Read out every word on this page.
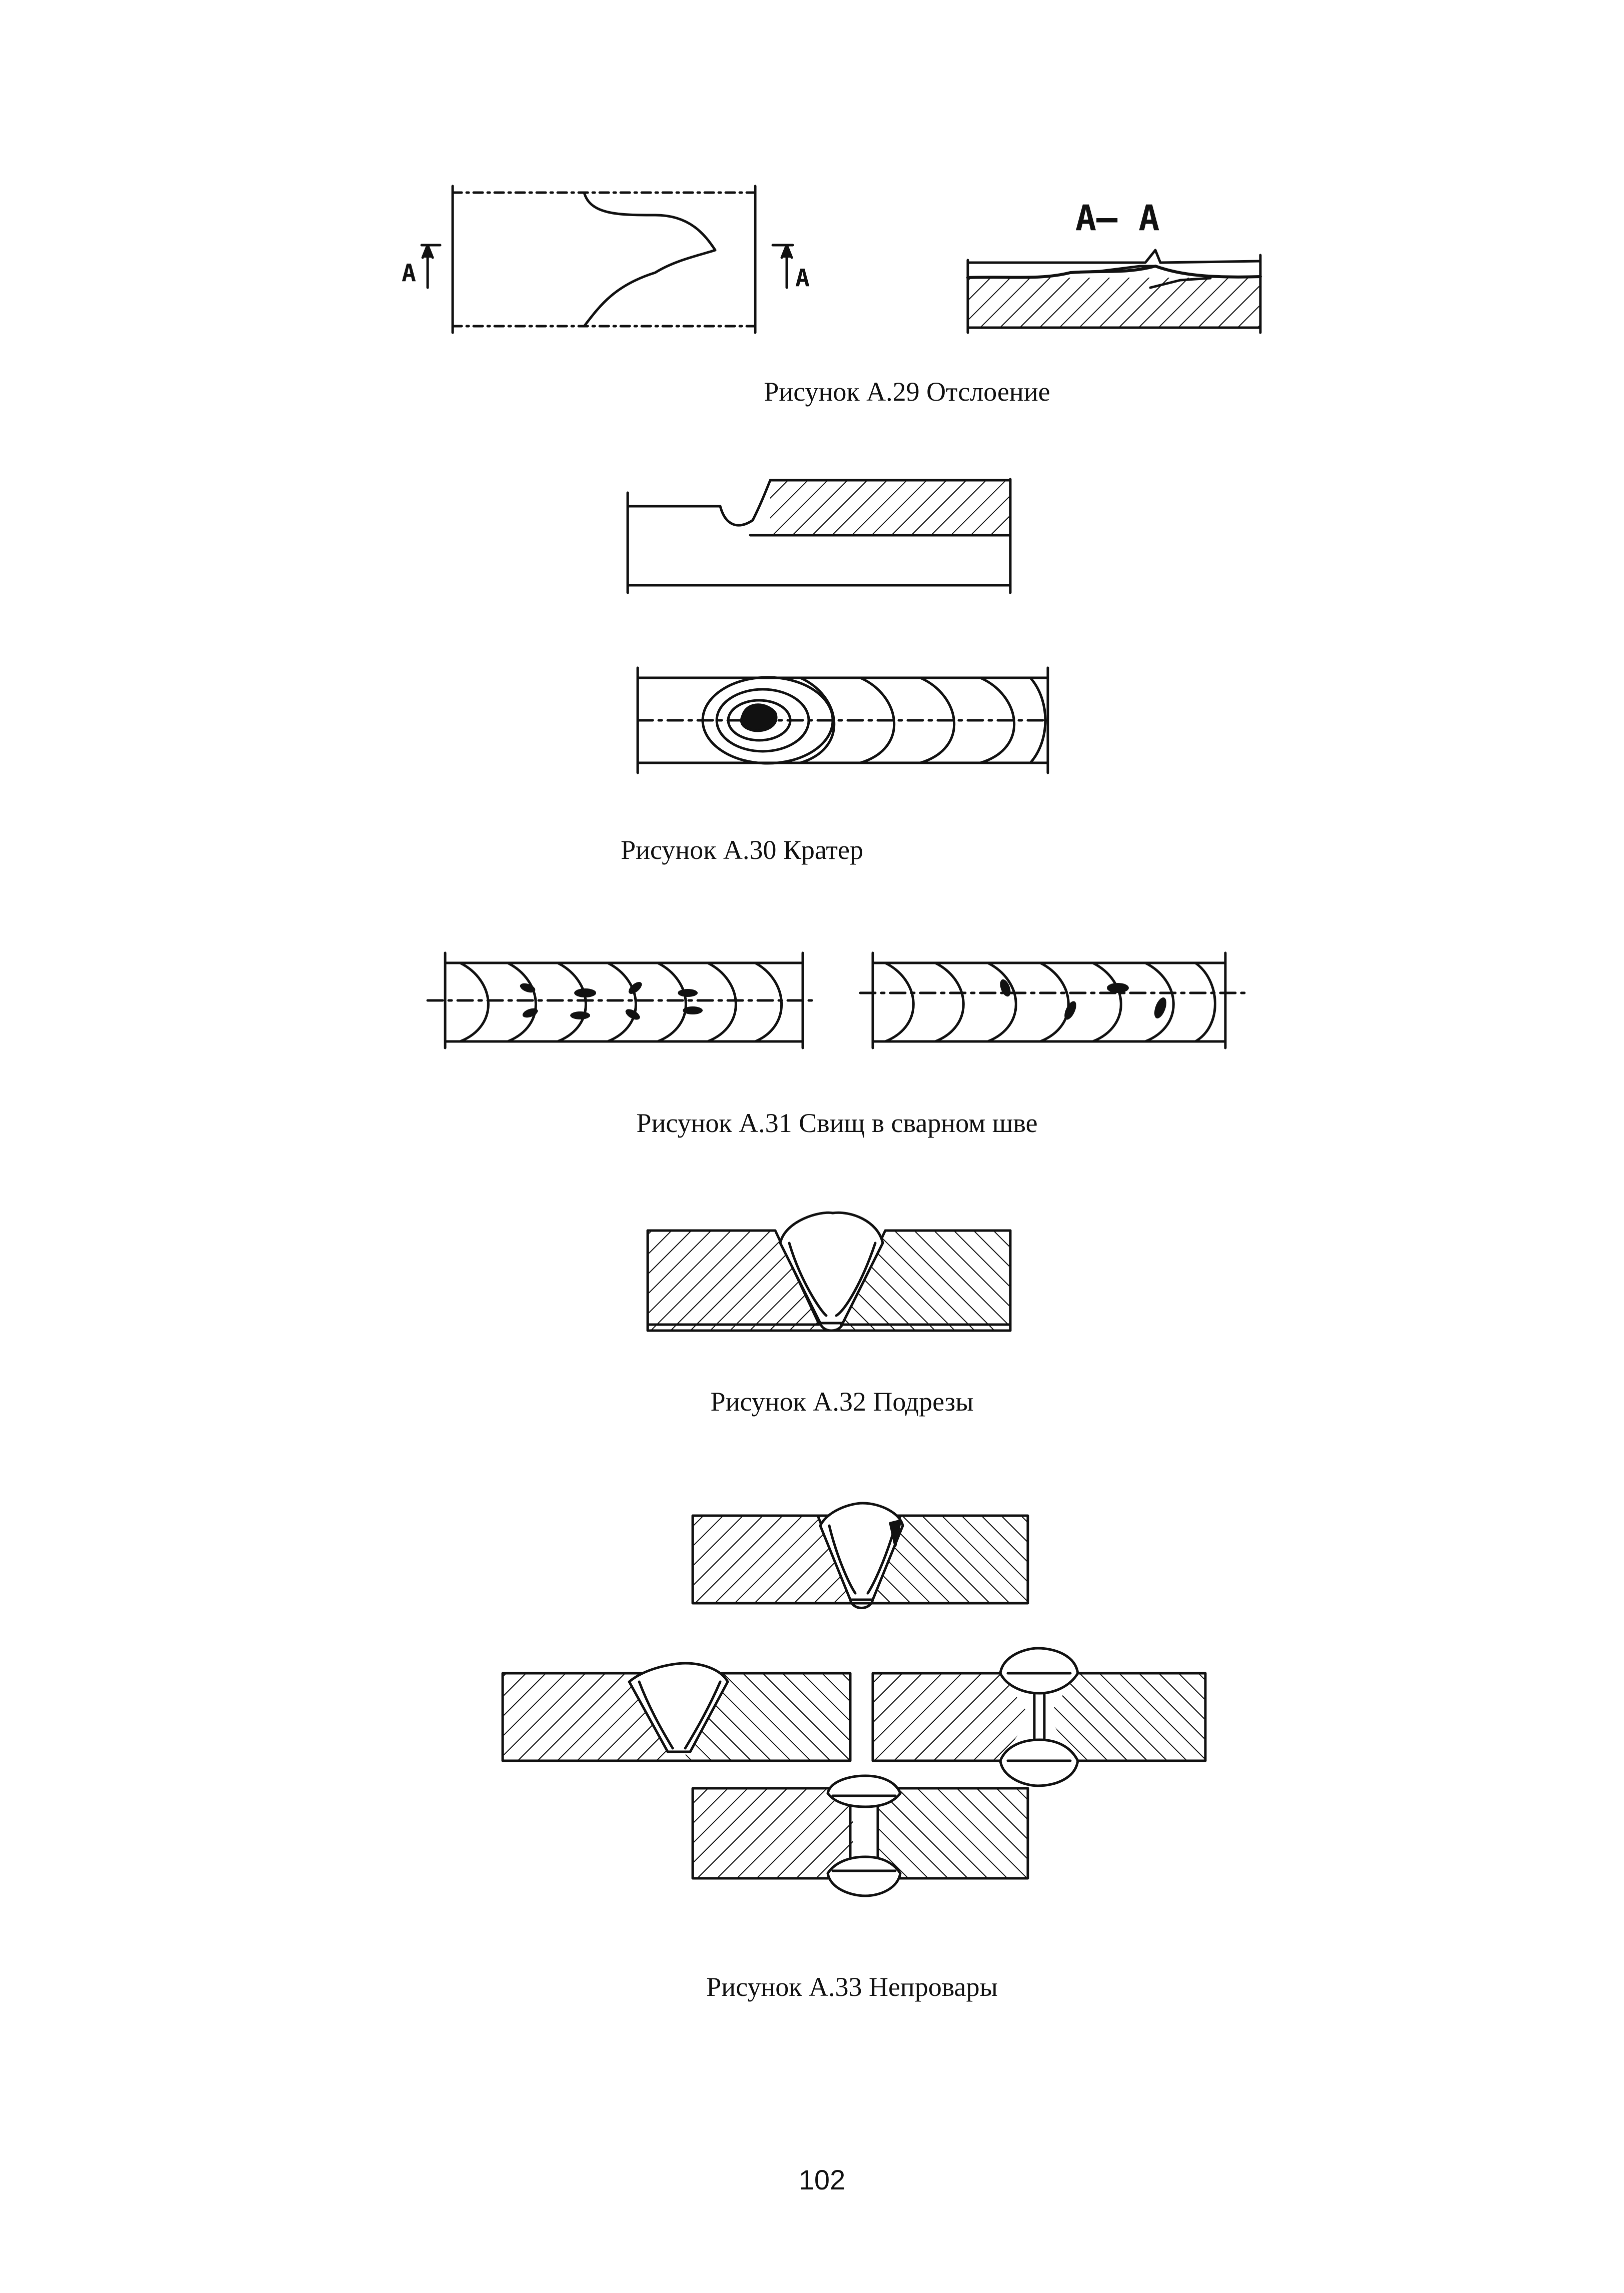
А	А
А– А
Рисунок А.29 Отслоение
Рисунок А.30 Кратер
Рисунок А.31 Свищ в сварном шве
Рисунок А.32 Подрезы
Рисунок А.33 Непровары
102
